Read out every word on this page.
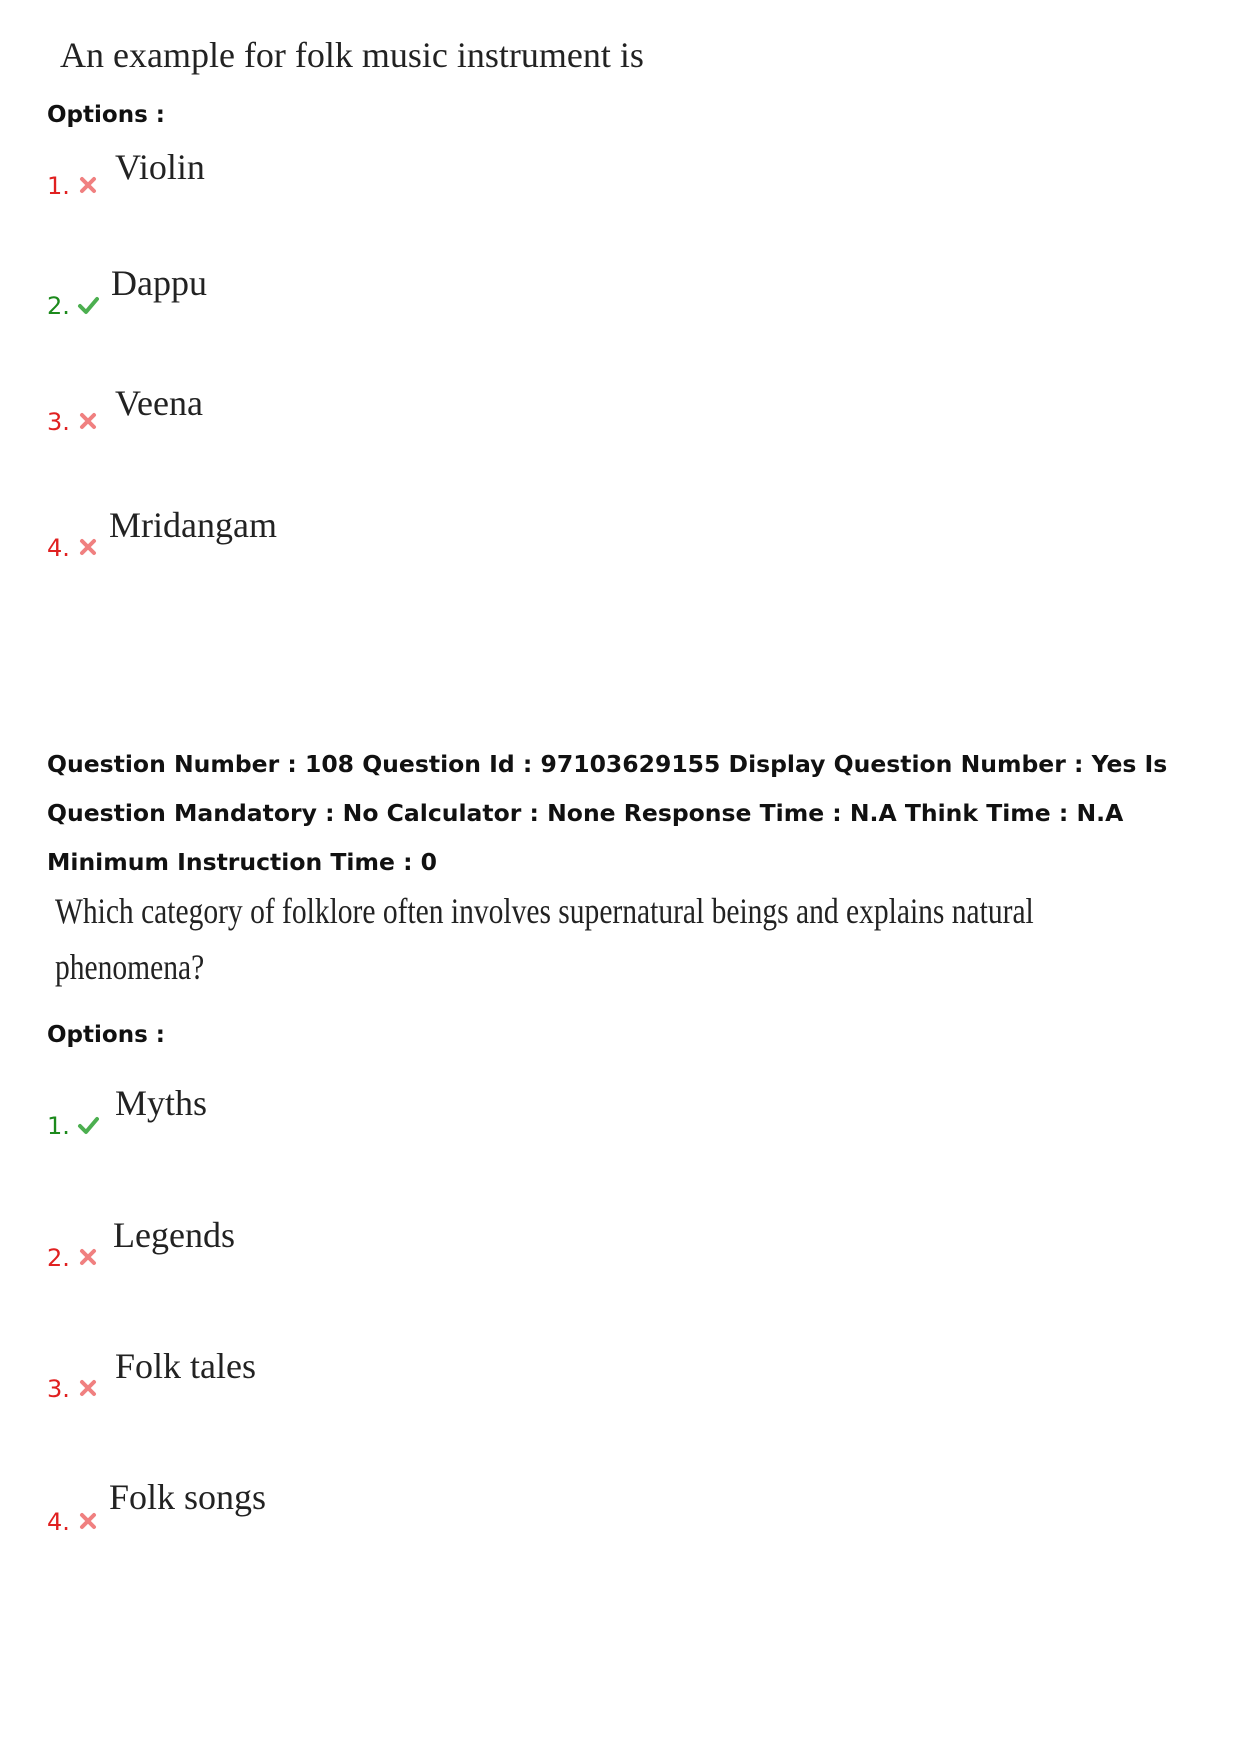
An example for folk music instrument is
Options :
1. Violin
2.
Dappu
3. Veena
4.
Mridangam
Question Number : 108 Question Id : 97103629155 Display Question Number : Yes Is Question Mandatory : No Calculator : None Response Time : N.A Think Time : N.A Minimum Instruction Time : 0
Which category of folklore often involves supernatural beings and explains natural
phenomena?
Options :
1.
Myths
2.
Legends
3.
Folk tales
4.
Folk songs
